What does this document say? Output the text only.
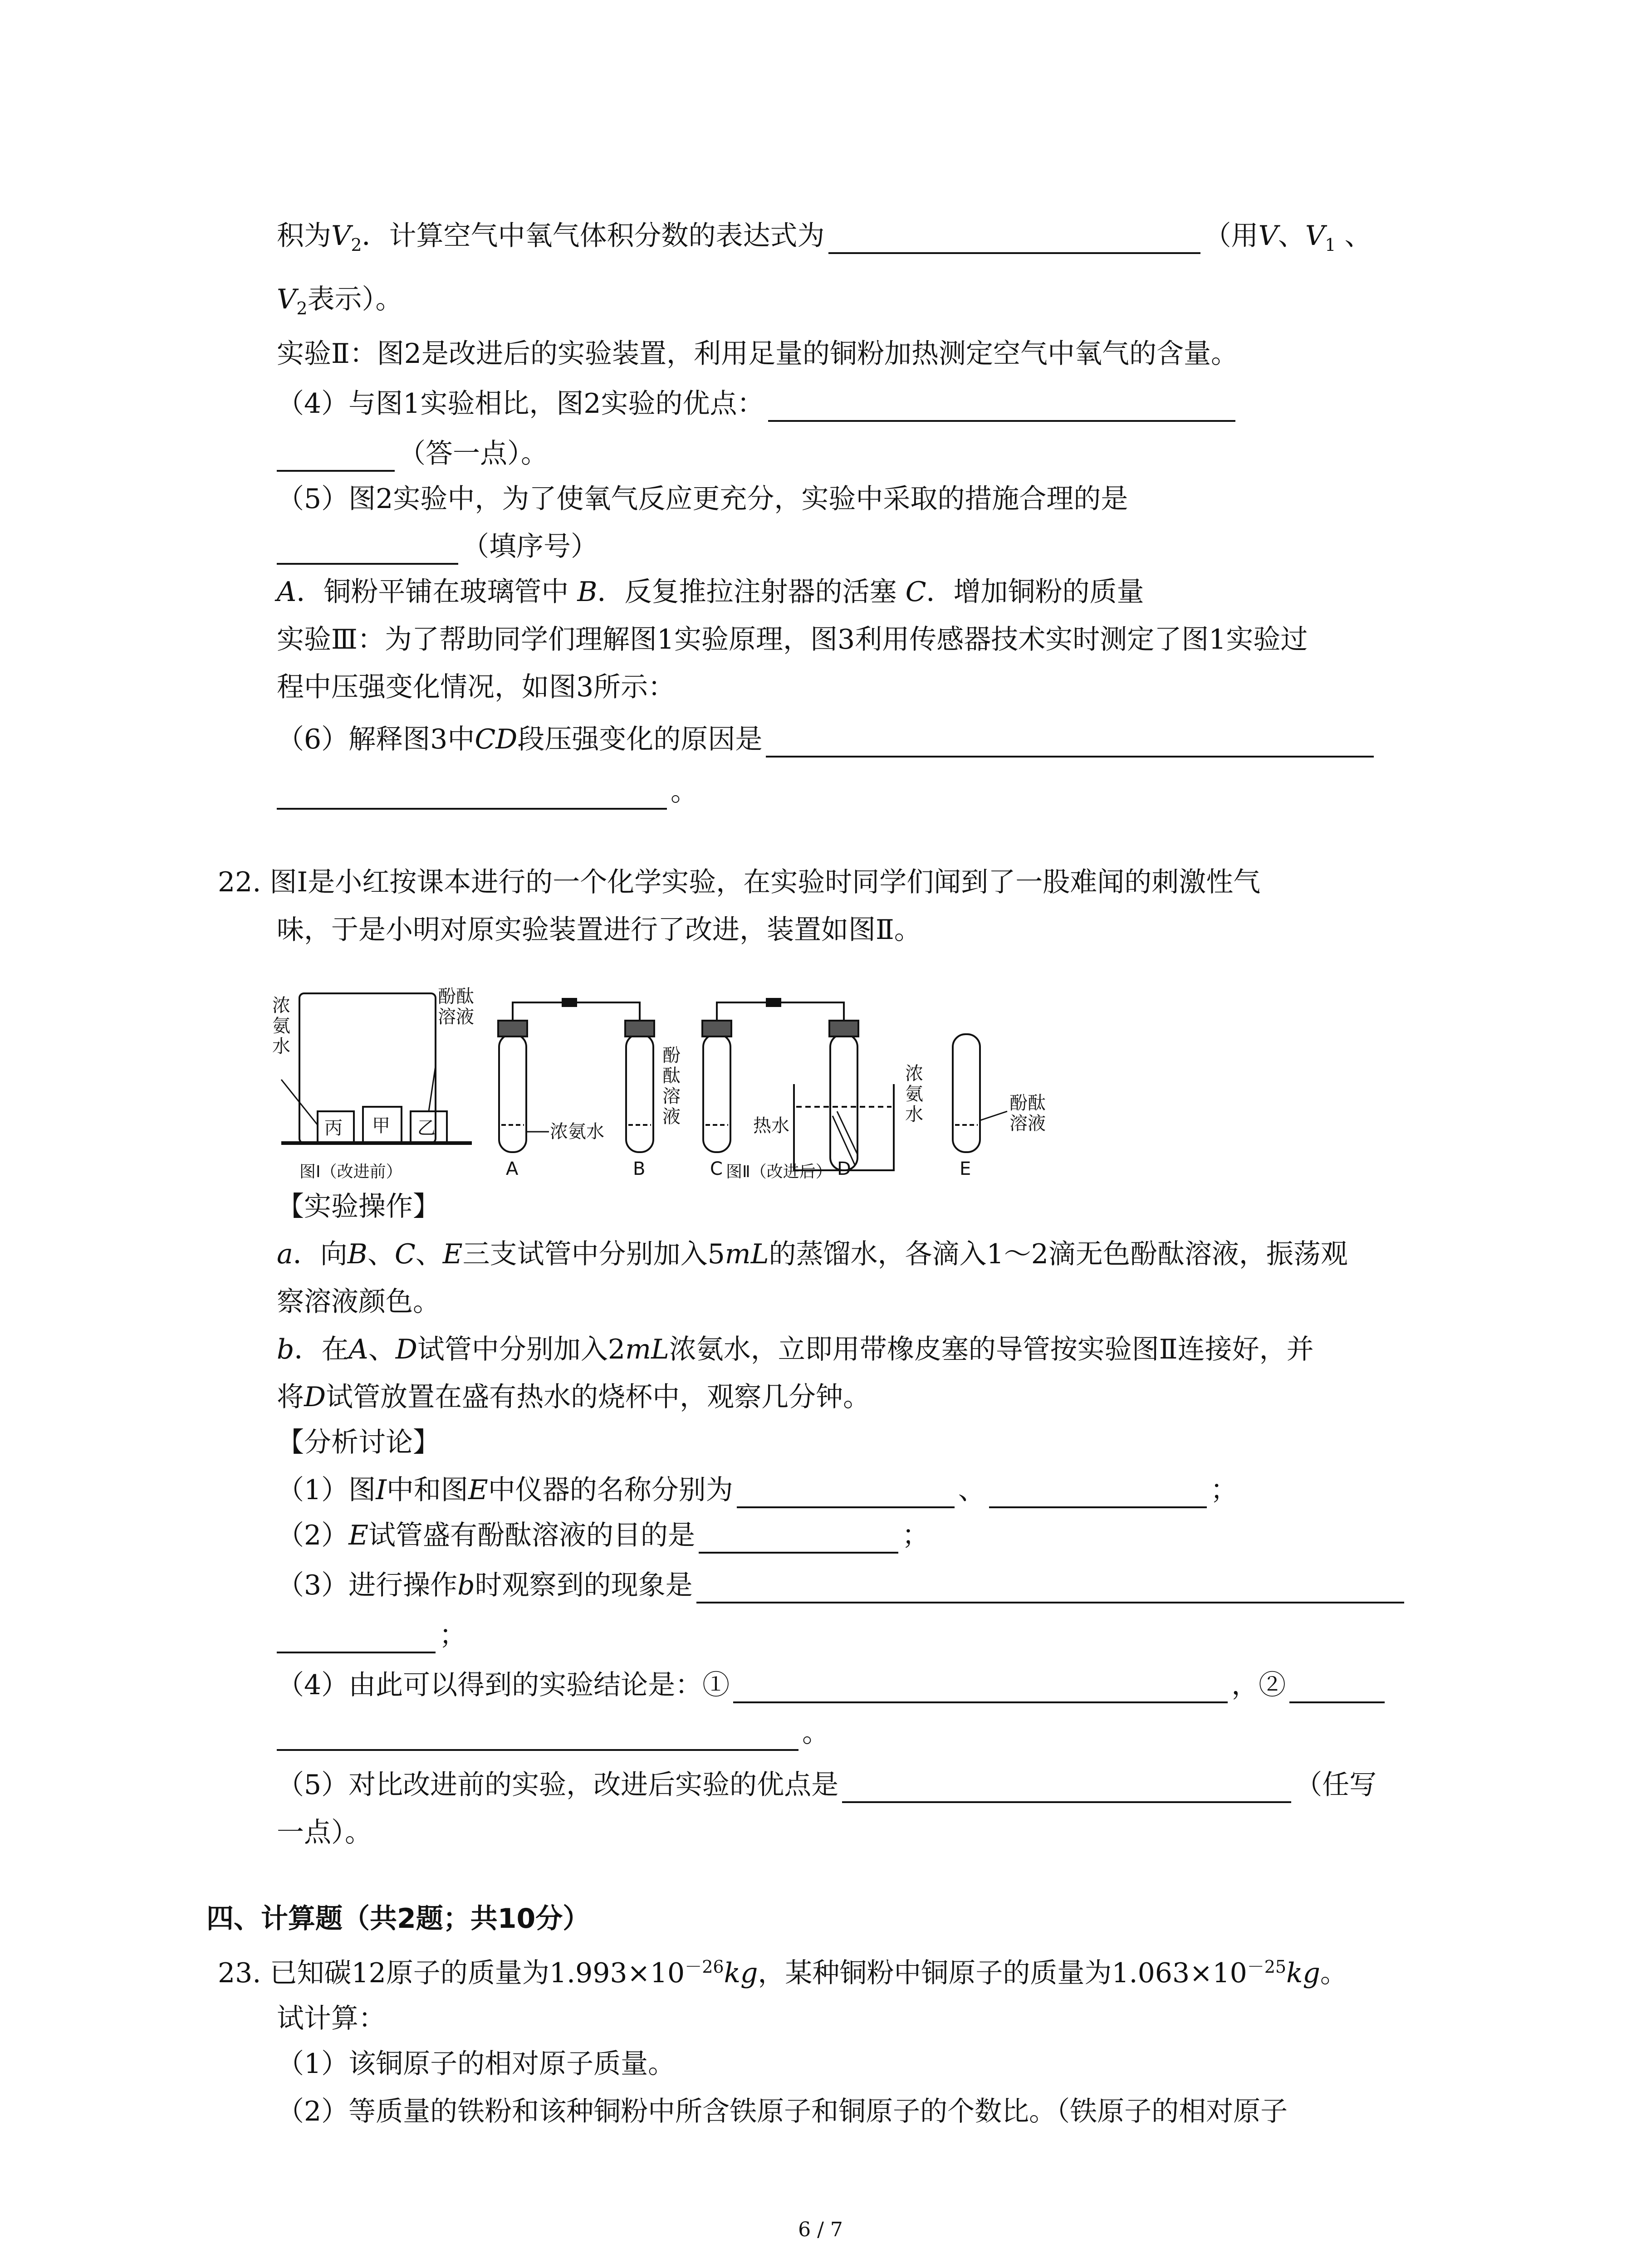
积为$V_2$．计算空气中氧气体积分数的表达式为	（用V、$V_1$ 、
$V_2$表示）。
实验Ⅱ：图2是改进后的实验装置，利用足量的铜粉加热测定空气中氧气的含量。
（4）与图1实验相比，图2实验的优点：
（答一点）。
（5）图2实验中，为了使氧气反应更充分，实验中采取的措施合理的是
（填序号）
A．铜粉平铺在玻璃管中 B．反复推拉注射器的活塞 C．增加铜粉的质量
实验Ⅲ：为了帮助同学们理解图1实验原理，图3利用传感器技术实时测定了图1实验过
程中压强变化情况，如图3所示：
（6）解释图3中CD段压强变化的原因是
。
22. 图Ⅰ是小红按课本进行的一个化学实验，在实验时同学们闻到了一股难闻的刺激性气
味，于是小明对原实验装置进行了改进，装置如图Ⅱ。
浓
氨
水
酚酞
溶液
丙 甲 乙
图Ⅰ（改进前）
浓氨水
酚
酞
溶
液	热水
浓
氨
水
酚酞
溶液
A	B	C	D	E
图Ⅱ（改进后）
【实验操作】
a．向B、C、E三支试管中分别加入5mL的蒸馏水，各滴入1～2滴无色酚酞溶液，振荡观
察溶液颜色。
b．在A、D试管中分别加入2mL浓氨水，立即用带橡皮塞的导管按实验图Ⅱ连接好，并
将D试管放置在盛有热水的烧杯中，观察几分钟。
【分析讨论】
（1）图I中和图E中仪器的名称分别为	、	；
（2）E试管盛有酚酞溶液的目的是	；
（3）进行操作b时观察到的现象是
；
（4）由此可以得到的实验结论是：①	，②
。
（5）对比改进前的实验，改进后实验的优点是	（任写
一点）。
四、计算题（共2题；共10分）
23. 已知碳12原子的质量为$1.993\times 10^{-26}kg$，某种铜粉中铜原子的质量为$1.063\times 10^{-25}kg$。
试计算：
（1）该铜原子的相对原子质量。
（2）等质量的铁粉和该种铜粉中所含铁原子和铜原子的个数比。（铁原子的相对原子
6 / 7
